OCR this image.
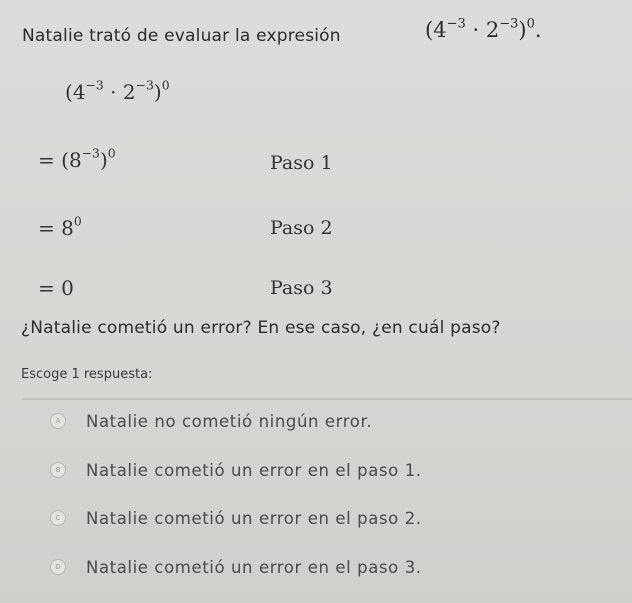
Natalie trató de evaluar la expresión	$(4^{-3} \cdot 2^{-3})^0$.
$(4^{-3} \cdot 2^{-3})^0$
= $(8^{-3})^0$	Paso 1
= $8^0$	Paso 2
= 0	Paso 3
¿Natalie cometió un error? En ese caso, ¿en cuál paso?
Escoge 1 respuesta:
A	Natalie no cometió ningún error.
B	Natalie cometió un error en el paso 1.
C	Natalie cometió un error en el paso 2.
D	Natalie cometió un error en el paso 3.
